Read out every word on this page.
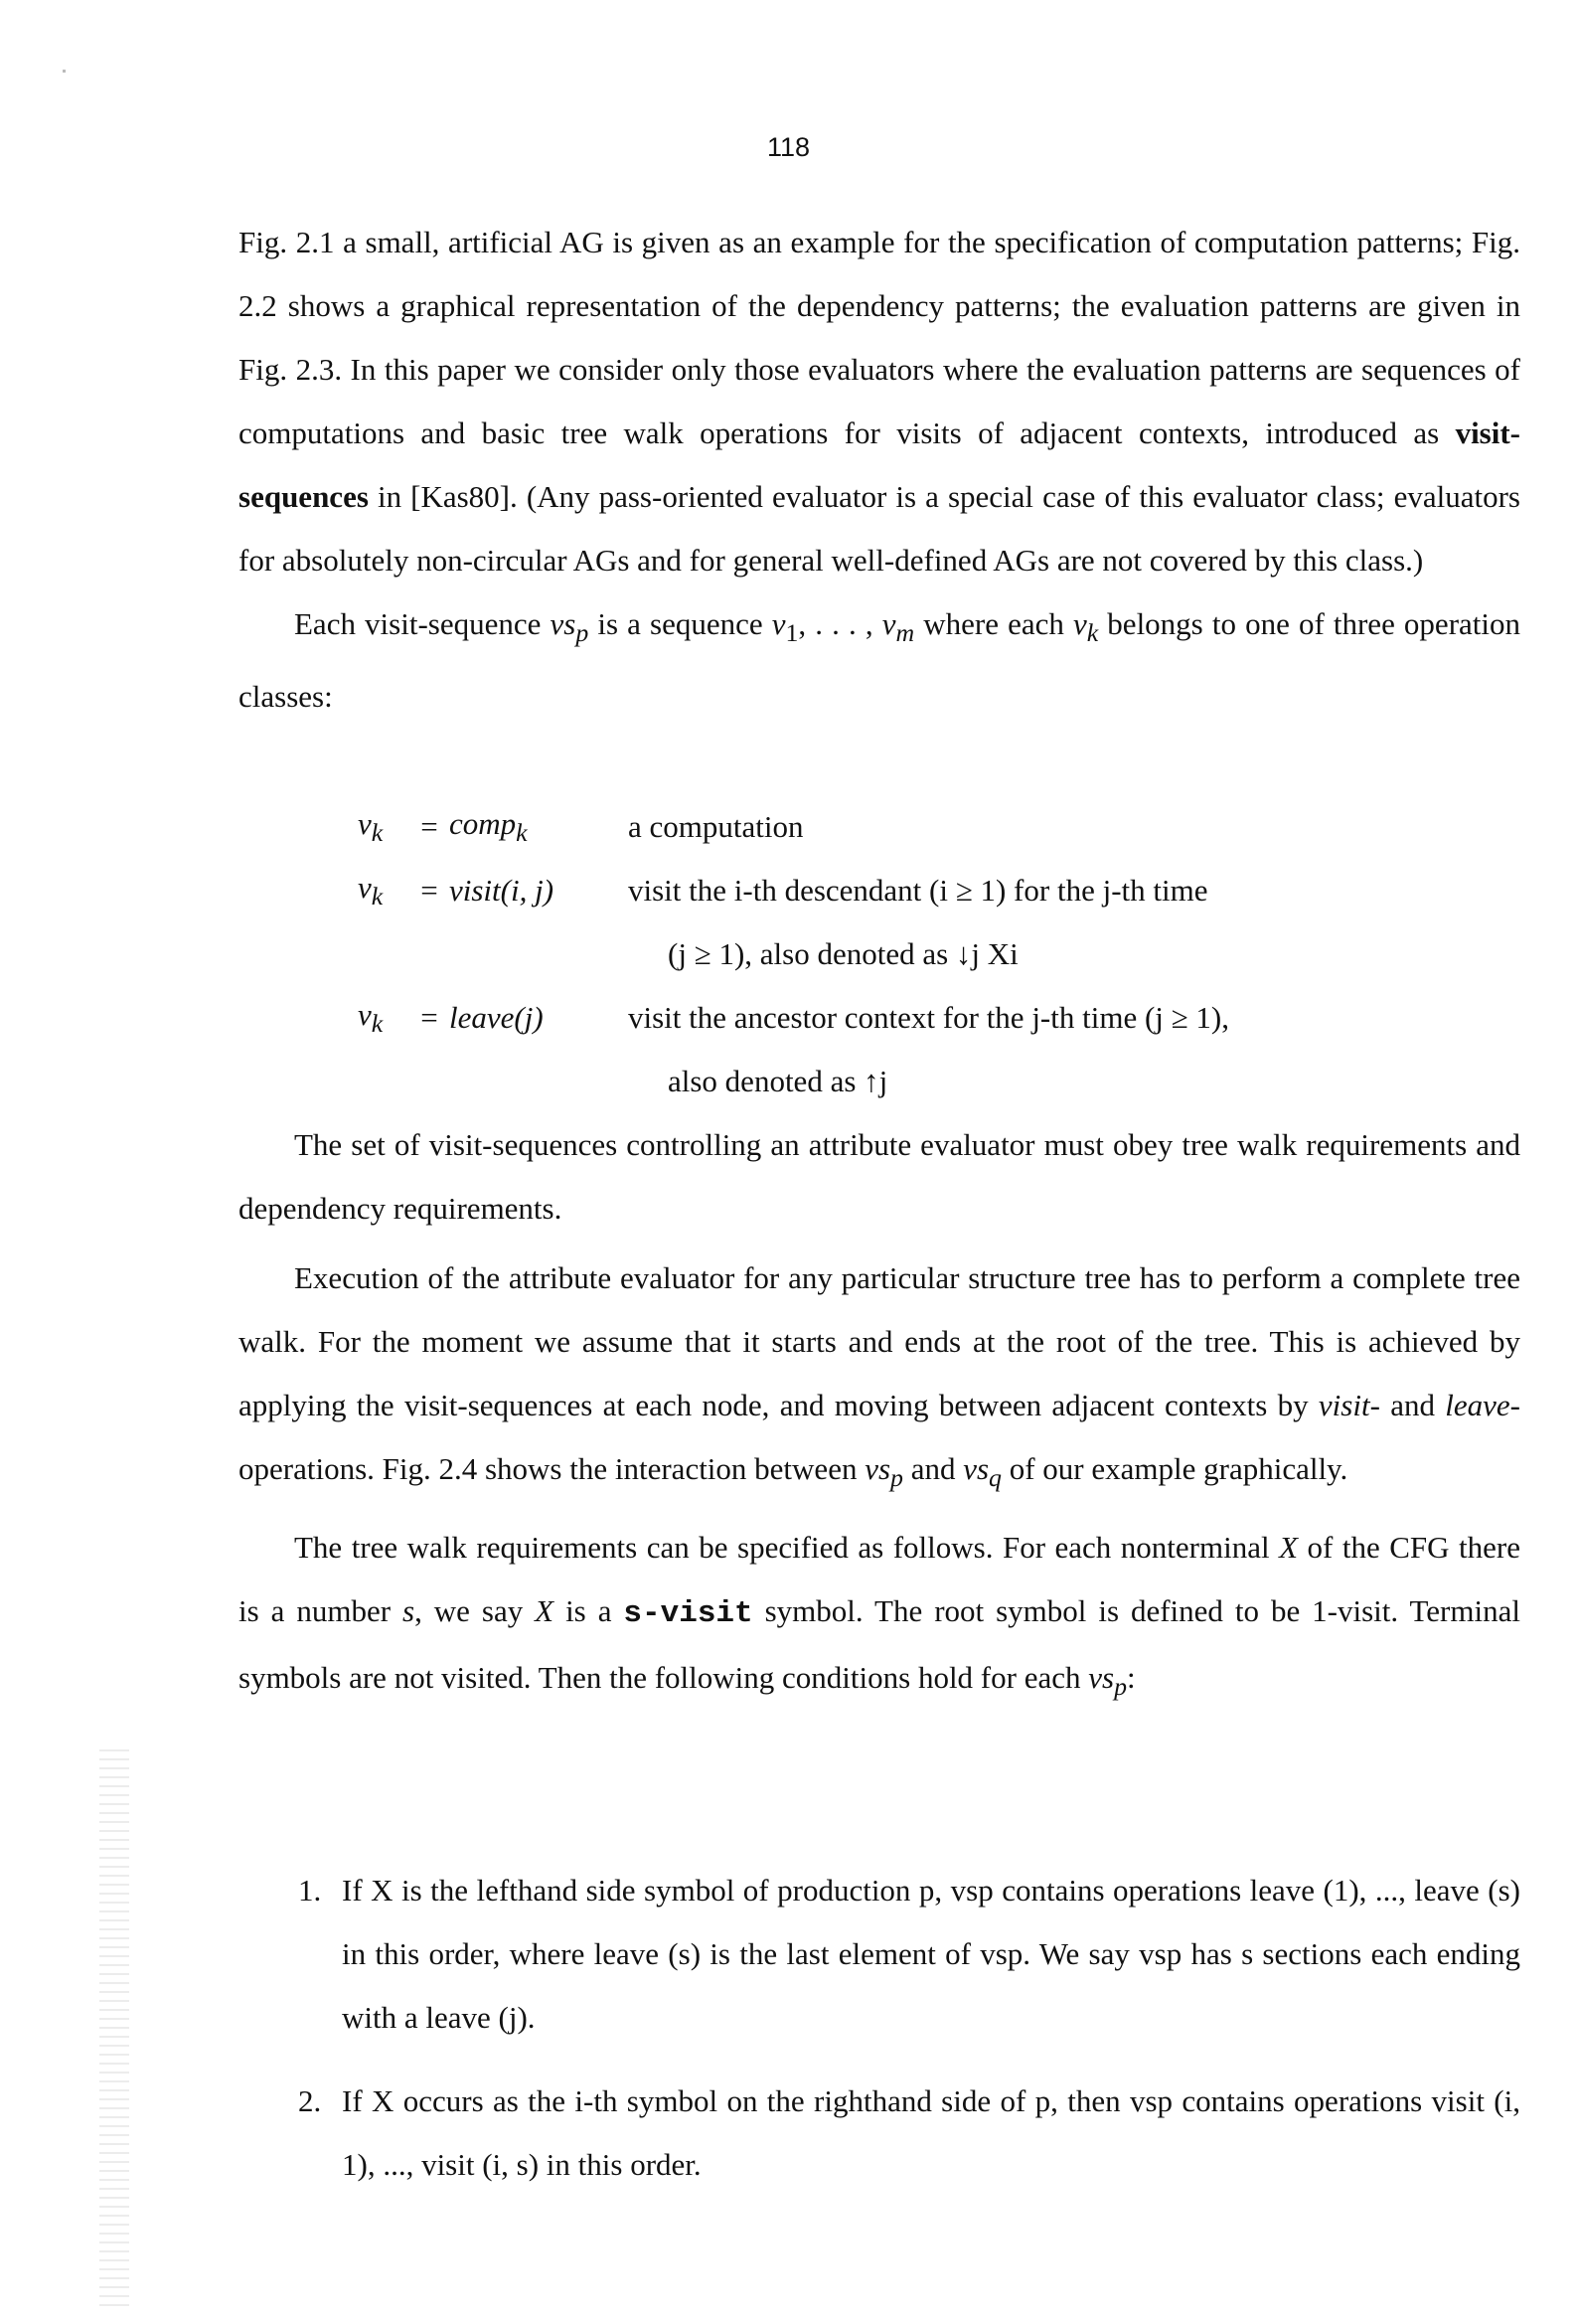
118

Fig. 2.1 a small, artificial AG is given as an example for the specification of computation patterns; Fig. 2.2 shows a graphical representation of the dependency patterns; the evaluation patterns are given in Fig. 2.3. In this paper we consider only those evaluators where the evaluation patterns are sequences of computations and basic tree walk operations for visits of adjacent contexts, introduced as visit-sequences in [Kas80]. (Any pass-oriented evaluator is a special case of this evaluator class; evaluators for absolutely non-circular AGs and for general well-defined AGs are not covered by this class.)

Each visit-sequence $vs_p$ is a sequence $v_1$, . . . , $v_m$ where each $v_k$ belongs to one of three operation classes:

$v_k$	= comp$_k$	a computation
$v_k$	= visit(i, j)	visit the i-th descendant (i ≥ 1) for the j-th time
(j ≥ 1), also denoted as ↓j Xi
$v_k$	= leave(j)	visit the ancestor context for the j-th time (j ≥ 1),
also denoted as ↑j

The set of visit-sequences controlling an attribute evaluator must obey tree walk requirements and dependency requirements.

Execution of the attribute evaluator for any particular structure tree has to perform a complete tree walk. For the moment we assume that it starts and ends at the root of the tree. This is achieved by applying the visit-sequences at each node, and moving between adjacent contexts by visit- and leave-operations. Fig. 2.4 shows the interaction between $vs_p$ and $vs_q$ of our example graphically.

The tree walk requirements can be specified as follows. For each nonterminal X of the CFG there is a number s, we say X is a s-visit symbol. The root symbol is defined to be 1-visit. Terminal symbols are not visited. Then the following conditions hold for each $vs_p$:

1. If X is the lefthand side symbol of production p, vsp contains operations leave (1), ..., leave (s) in this order, where leave (s) is the last element of vsp. We say vsp has s sections each ending with a leave (j).
2. If X occurs as the i-th symbol on the righthand side of p, then vsp contains operations visit (i, 1), ..., visit (i, s) in this order.
